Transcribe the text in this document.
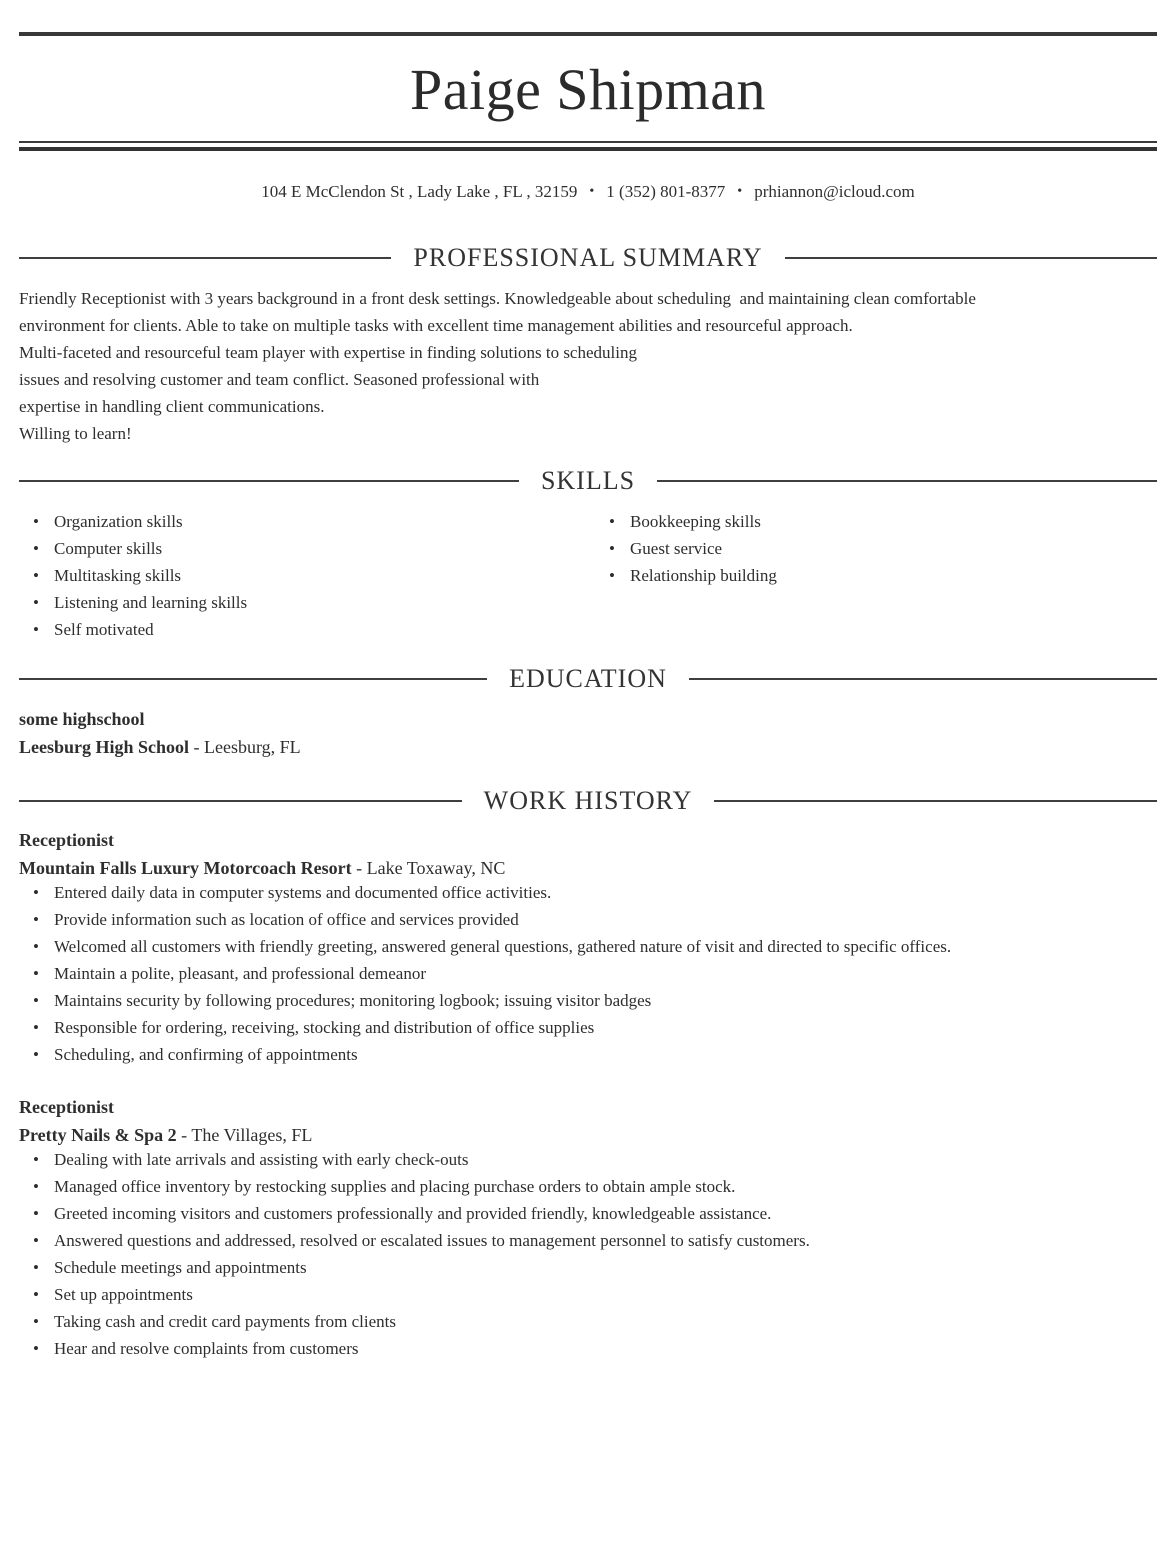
Paige Shipman
104 E McClendon St , Lady Lake , FL , 32159 • 1 (352) 801-8377 • prhiannon@icloud.com
PROFESSIONAL SUMMARY
Friendly Receptionist with 3 years background in a front desk settings. Knowledgeable about scheduling  and maintaining clean comfortable
environment for clients. Able to take on multiple tasks with excellent time management abilities and resourceful approach.
Multi-faceted and resourceful team player with expertise in finding solutions to scheduling
issues and resolving customer and team conflict. Seasoned professional with
expertise in handling client communications.
Willing to learn!
SKILLS
• Organization skills
• Computer skills
• Multitasking skills
• Listening and learning skills
• Self motivated
• Bookkeeping skills
• Guest service
• Relationship building
EDUCATION
some highschool
Leesburg High School - Leesburg, FL
WORK HISTORY
Receptionist
Mountain Falls Luxury Motorcoach Resort - Lake Toxaway, NC
• Entered daily data in computer systems and documented office activities.
• Provide information such as location of office and services provided
• Welcomed all customers with friendly greeting, answered general questions, gathered nature of visit and directed to specific offices.
• Maintain a polite, pleasant, and professional demeanor
• Maintains security by following procedures; monitoring logbook; issuing visitor badges
• Responsible for ordering, receiving, stocking and distribution of office supplies
• Scheduling, and confirming of appointments
Receptionist
Pretty Nails & Spa 2 - The Villages, FL
• Dealing with late arrivals and assisting with early check-outs
• Managed office inventory by restocking supplies and placing purchase orders to obtain ample stock.
• Greeted incoming visitors and customers professionally and provided friendly, knowledgeable assistance.
• Answered questions and addressed, resolved or escalated issues to management personnel to satisfy customers.
• Schedule meetings and appointments
• Set up appointments
• Taking cash and credit card payments from clients
• Hear and resolve complaints from customers
